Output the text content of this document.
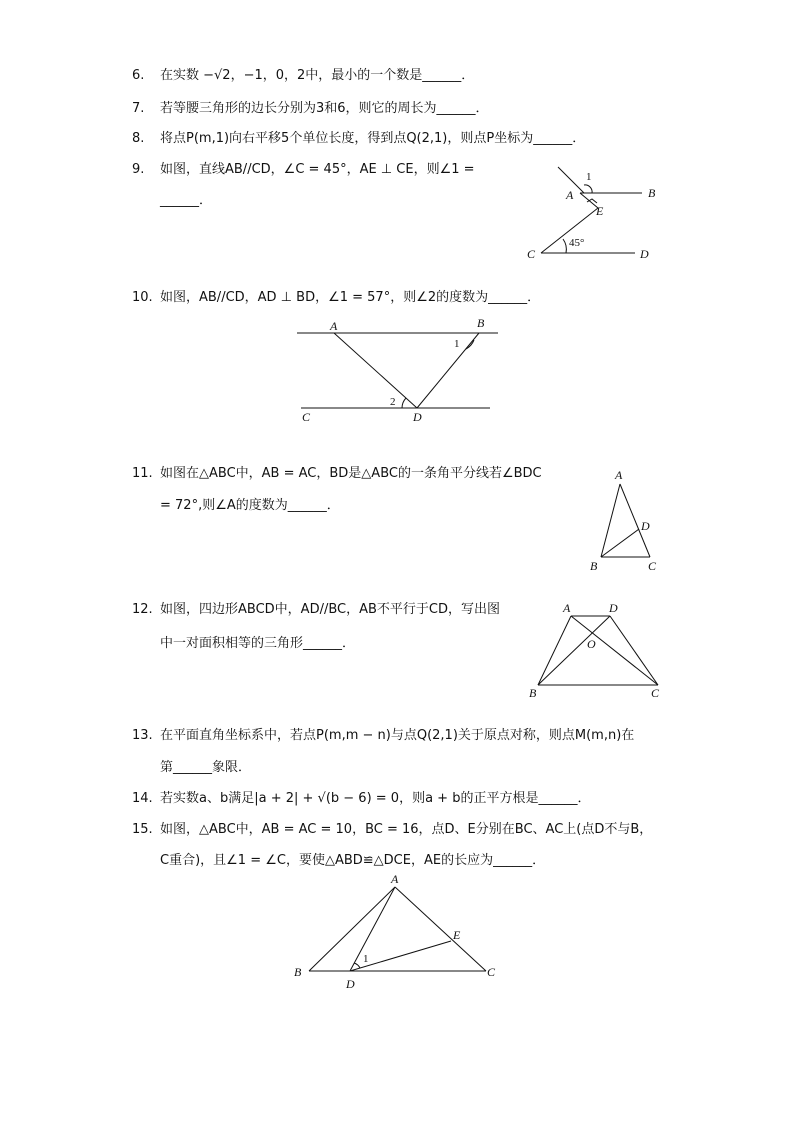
6. 在实数 −√2，−1，0，2中，最小的一个数是______．
7. 若等腰三角形的边长分别为3和6，则它的周长为______．
8. 将点P(m,1)向右平移5个单位长度，得到点Q(2,1)，则点P坐标为______．
9. 如图，直线AB//CD，∠C = 45°，AE ⊥ CE，则∠1 =
______．	A	B
E
C	D
1
45°
10. 如图，AB//CD，AD ⊥ BD，∠1 = 57°，则∠2的度数为______．
A	B
1
2
C	D
11. 如图在△ABC中，AB = AC，BD是△ABC的一条角平分线若∠BDC
= 72°,则∠A的度数为______．
A
D
B	C
12. 如图，四边形ABCD中，AD//BC，AB不平行于CD，写出图
中一对面积相等的三角形______．
A	D
O
B	C
13. 在平面直角坐标系中，若点P(m,m − n)与点Q(2,1)关于原点对称，则点M(m,n)在
第______象限．
14. 若实数a、b满足|a + 2| + √(b − 6) = 0，则a + b的正平方根是______．
15. 如图，△ABC中，AB = AC = 10，BC = 16，点D、E分别在BC、AC上(点D不与B，
C重合)，且∠1 = ∠C，要使△ABD≌△DCE，AE的长应为______．
A
E
1
B
D
C
